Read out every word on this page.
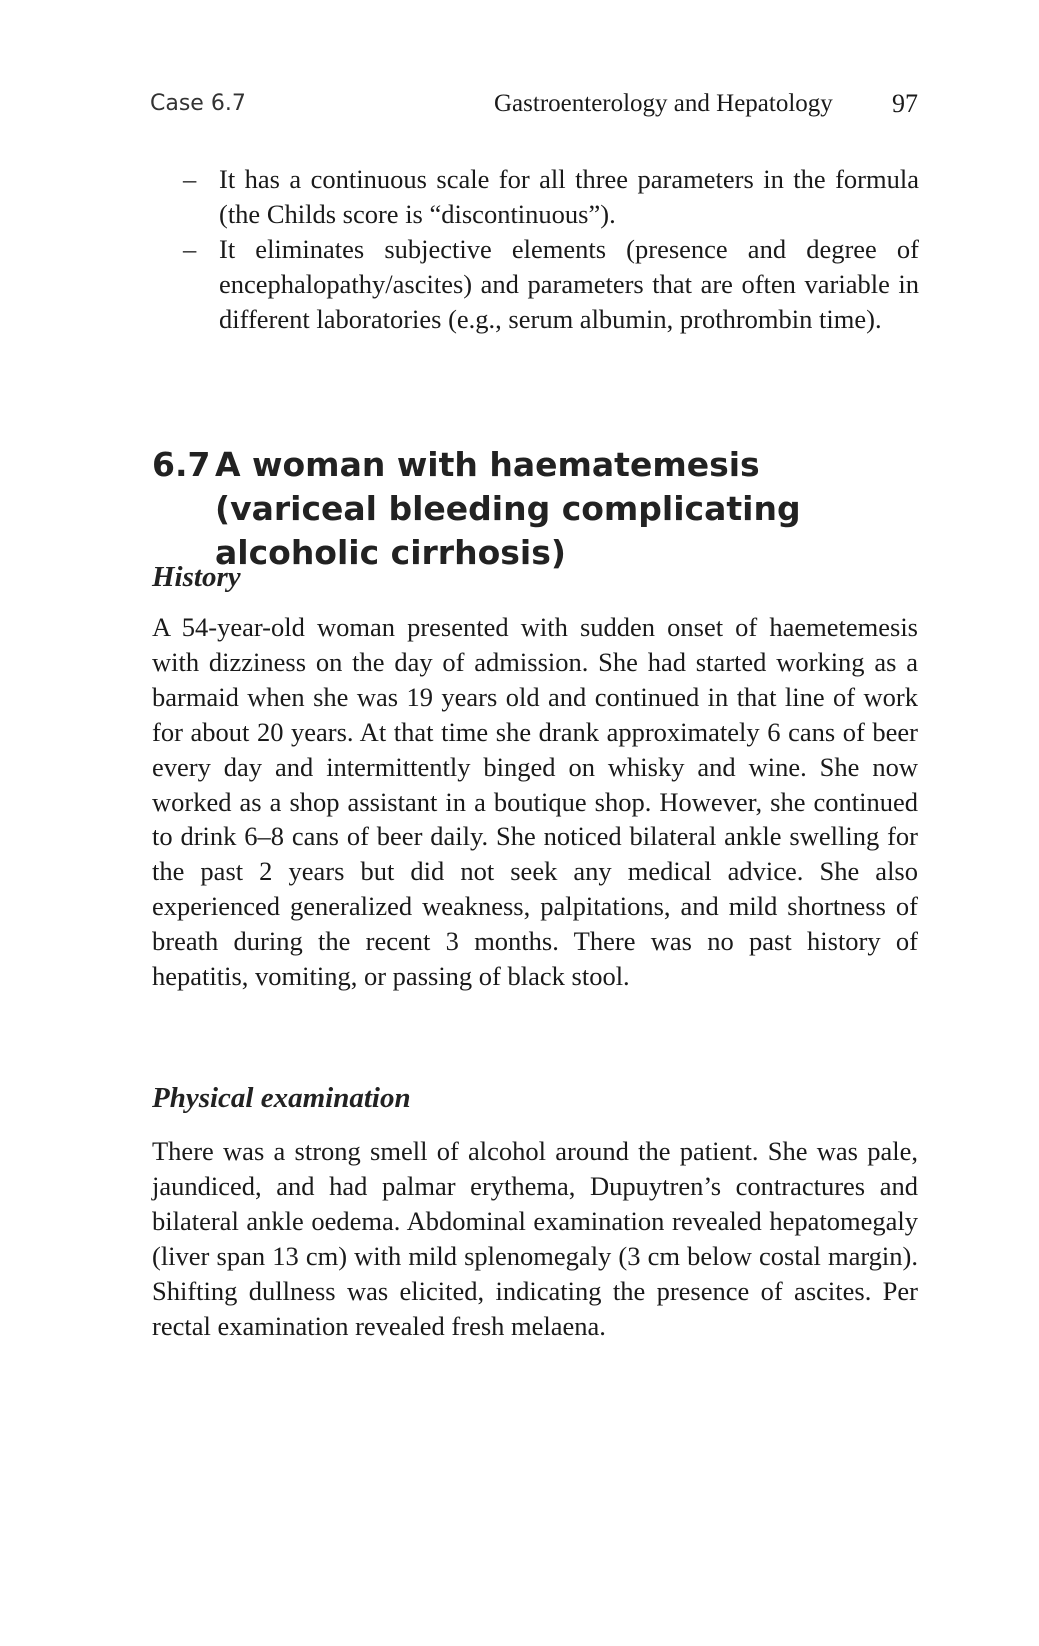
Case 6.7	Gastroenterology and Hepatology 97
– It has a continuous scale for all three parameters in the formula (the Childs score is “discontinuous”).
– It eliminates subjective elements (presence and degree of encephalopathy/ascites) and parameters that are often variable in different laboratories (e.g., serum albumin, prothrombin time).
6.7 A woman with haematemesis (variceal bleeding complicating alcoholic cirrhosis)
History

A 54-year-old woman presented with sudden onset of haemetemesis with dizziness on the day of admission. She had started working as a barmaid when she was 19 years old and continued in that line of work for about 20 years. At that time she drank approximately 6 cans of beer every day and intermittently binged on whisky and wine. She now worked as a shop assistant in a boutique shop. However, she continued to drink 6–8 cans of beer daily. She noticed bilateral ankle swelling for the past 2 years but did not seek any medical advice. She also experienced generalized weakness, palpitations, and mild shortness of breath during the recent 3 months. There was no past history of hepatitis, vomiting, or passing of black stool.

Physical examination

There was a strong smell of alcohol around the patient. She was pale, jaundiced, and had palmar erythema, Dupuytren’s contractures and bilateral ankle oedema. Abdominal examination revealed hepatomegaly (liver span 13 cm) with mild splenomegaly (3 cm below costal margin). Shifting dullness was elicited, indicating the presence of ascites. Per rectal examination revealed fresh melaena.
